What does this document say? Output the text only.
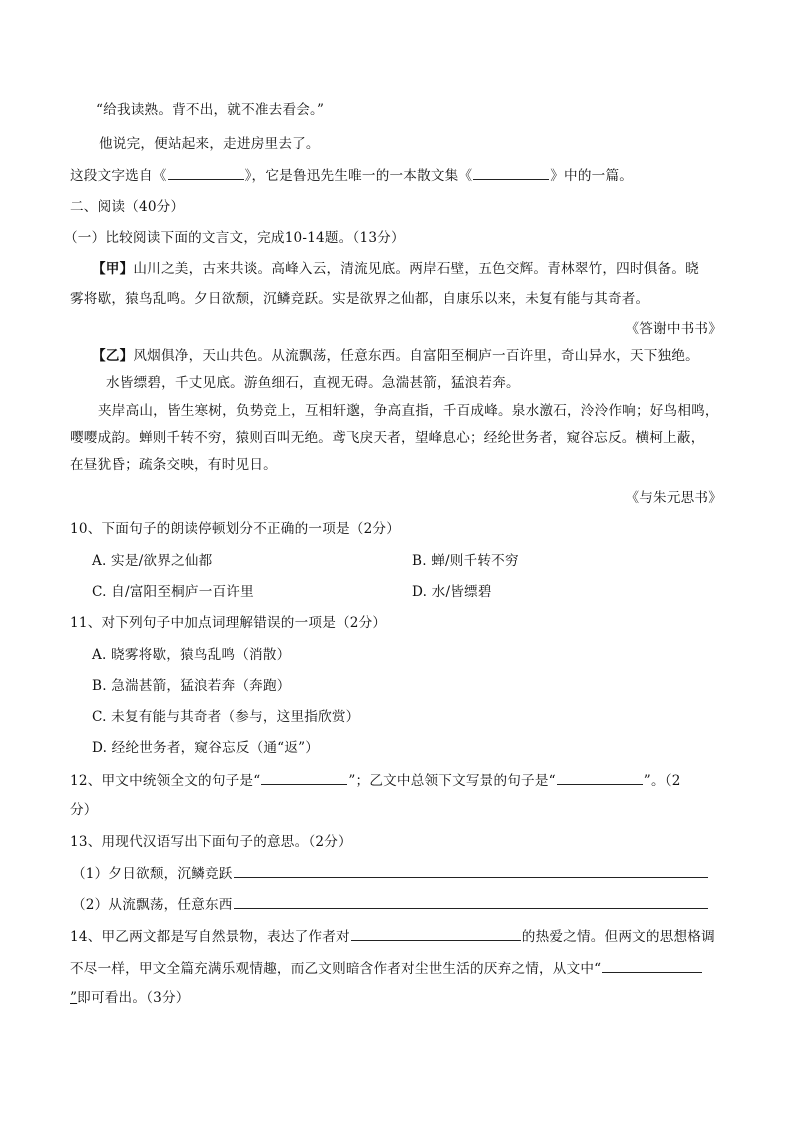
“给我读熟。背不出，就不准去看会。”
他说完，便站起来，走进房里去了。
这段文字选自《	》，它是鲁迅先生唯一的一本散文集《	》中的一篇。
二、阅读（40分）
（一）比较阅读下面的文言文，完成10-14题。（13分）
【甲】山川之美，古来共谈。高峰入云，清流见底。两岸石壁，五色交辉。青林翠竹，四时俱备。晓
雾将歇，猿鸟乱鸣。夕日欲颓，沉鳞竞跃。实是欲界之仙都，自康乐以来，未复有能与其奇者。
《答谢中书书》
【乙】风烟俱净，天山共色。从流飘荡，任意东西。自富阳至桐庐一百许里，奇山异水，天下独绝。
水皆缥碧，千丈见底。游鱼细石，直视无碍。急湍甚箭，猛浪若奔。
夹岸高山，皆生寒树，负势竞上，互相轩邈，争高直指，千百成峰。泉水激石，泠泠作响；好鸟相鸣，
嘤嘤成韵。蝉则千转不穷，猿则百叫无绝。鸢飞戾天者，望峰息心；经纶世务者，窥谷忘反。横柯上蔽，
在昼犹昏；疏条交映，有时见日。
《与朱元思书》
10、下面句子的朗读停顿划分不正确的一项是（2分）
A. 实是/欲界之仙都	B. 蝉/则千转不穷
C. 自/富阳至桐庐一百许里	D. 水/皆缥碧
11、对下列句子中加点词理解错误的一项是（2分）
A. 晓雾将歇，猿鸟乱鸣（消散）
B. 急湍甚箭，猛浪若奔（奔跑）
C. 未复有能与其奇者（参与，这里指欣赏）
D. 经纶世务者，窥谷忘反（通“返”）
12、甲文中统领全文的句子是“	”；乙文中总领下文写景的句子是“	”。（2
分）
13、用现代汉语写出下面句子的意思。（2分）
（1）夕日欲颓，沉鳞竞跃
（2）从流飘荡，任意东西
14、甲乙两文都是写自然景物，表达了作者对	的热爱之情。但两文的思想格调
不尽一样，甲文全篇充满乐观情趣，而乙文则暗含作者对尘世生活的厌弃之情，从文中“
”即可看出。（3分）
